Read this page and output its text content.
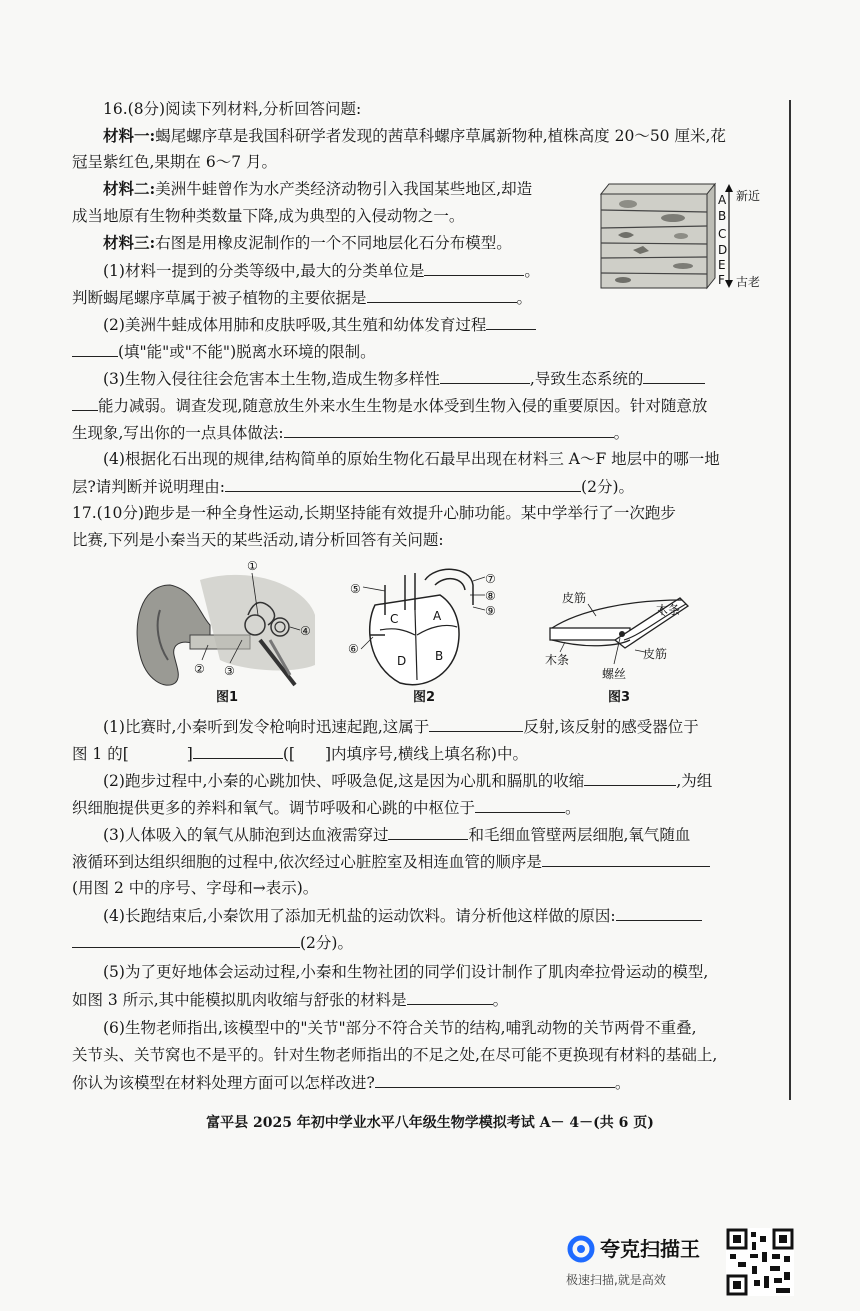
16.(8分)阅读下列材料,分析回答问题:
材料一:蝎尾螺序草是我国科研学者发现的茜草科螺序草属新物种,植株高度 20～50 厘米,花
冠呈紫红色,果期在 6～7 月。
材料二:美洲牛蛙曾作为水产类经济动物引入我国某些地区,却造
成当地原有生物种类数量下降,成为典型的入侵动物之一。
材料三:右图是用橡皮泥制作的一个不同地层化石分布模型。
(1)材料一提到的分类等级中,最大的分类单位是	。
判断蝎尾螺序草属于被子植物的主要依据是	。
(2)美洲牛蛙成体用肺和皮肤呼吸,其生殖和幼体发育过程
(填"能"或"不能")脱离水环境的限制。
(3)生物入侵往往会危害本土生物,造成生物多样性	,导致生态系统的
能力减弱。调查发现,随意放生外来水生生物是水体受到生物入侵的重要原因。针对随意放
生现象,写出你的一点具体做法:	。
(4)根据化石出现的规律,结构简单的原始生物化石最早出现在材料三 A～F 地层中的哪一地
层?请判断并说明理由:	(2分)。
A
B
C
D
E
F
新近
古老
17.(10分)跑步是一种全身性运动,长期坚持能有效提升心肺功能。某中学举行了一次跑步
比赛,下列是小秦当天的某些活动,请分析回答有关问题:
①
② ③
④
图1
⑤
⑥
⑦
⑧
⑨
A
B
C
D
图2
皮筋
木条
木条
螺丝
皮筋
图3
(1)比赛时,小秦听到发令枪响时迅速起跑,这属于	反射,该反射的感受器位于
图 1 的[	]	([ ]内填序号,横线上填名称)中。
(2)跑步过程中,小秦的心跳加快、呼吸急促,这是因为心肌和膈肌的收缩	,为组
织细胞提供更多的养料和氧气。调节呼吸和心跳的中枢位于	。
(3)人体吸入的氧气从肺泡到达血液需穿过	和毛细血管壁两层细胞,氧气随血
液循环到达组织细胞的过程中,依次经过心脏腔室及相连血管的顺序是
(用图 2 中的序号、字母和→表示)。
(4)长跑结束后,小秦饮用了添加无机盐的运动饮料。请分析他这样做的原因:
(2分)。
(5)为了更好地体会运动过程,小秦和生物社团的同学们设计制作了肌肉牵拉骨运动的模型,
如图 3 所示,其中能模拟肌肉收缩与舒张的材料是	。
(6)生物老师指出,该模型中的"关节"部分不符合关节的结构,哺乳动物的关节两骨不重叠,
关节头、关节窝也不是平的。针对生物老师指出的不足之处,在尽可能不更换现有材料的基础上,
你认为该模型在材料处理方面可以怎样改进?	。
富平县 2025 年初中学业水平八年级生物学模拟考试 A－ 4－(共 6 页)
夸克扫描王
极速扫描,就是高效
